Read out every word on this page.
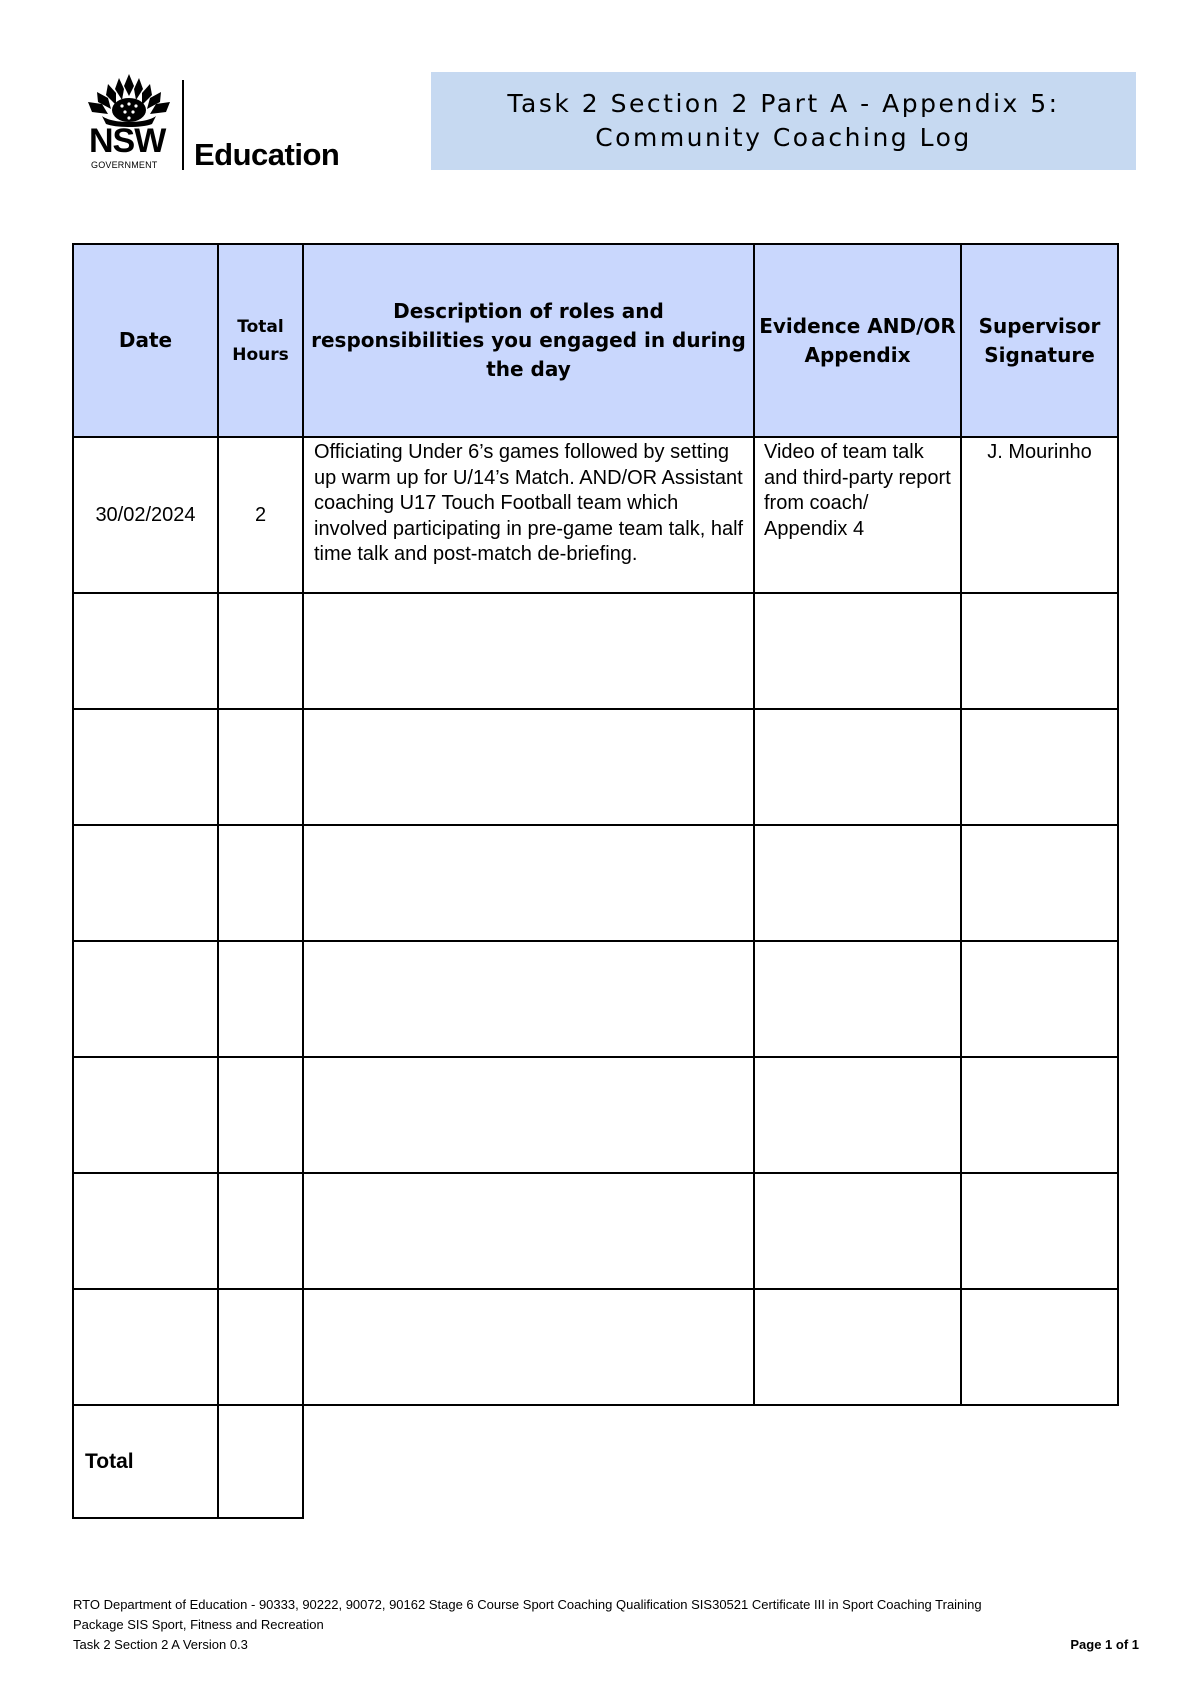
NSW
GOVERNMENT Education
Task 2 Section 2 Part A - Appendix 5:
Community Coaching Log
Date	Total Hours	Description of roles and responsibilities you engaged in during the day	Evidence AND/OR Appendix	Supervisor Signature
30/02/2024	2	Officiating Under 6’s games followed by setting up warm up for U/14’s Match. AND/OR Assistant coaching U17 Touch Football team which involved participating in pre-game team talk, half time talk and post-match de-briefing.	Video of team talk and third-party report from coach/ Appendix 4	J. Mourinho

Total				
RTO Department of Education - 90333, 90222, 90072, 90162 Stage 6 Course Sport Coaching Qualification SIS30521 Certificate III in Sport Coaching Training
Package SIS Sport, Fitness and Recreation
Task 2 Section 2 A Version 0.3	Page 1 of 1
